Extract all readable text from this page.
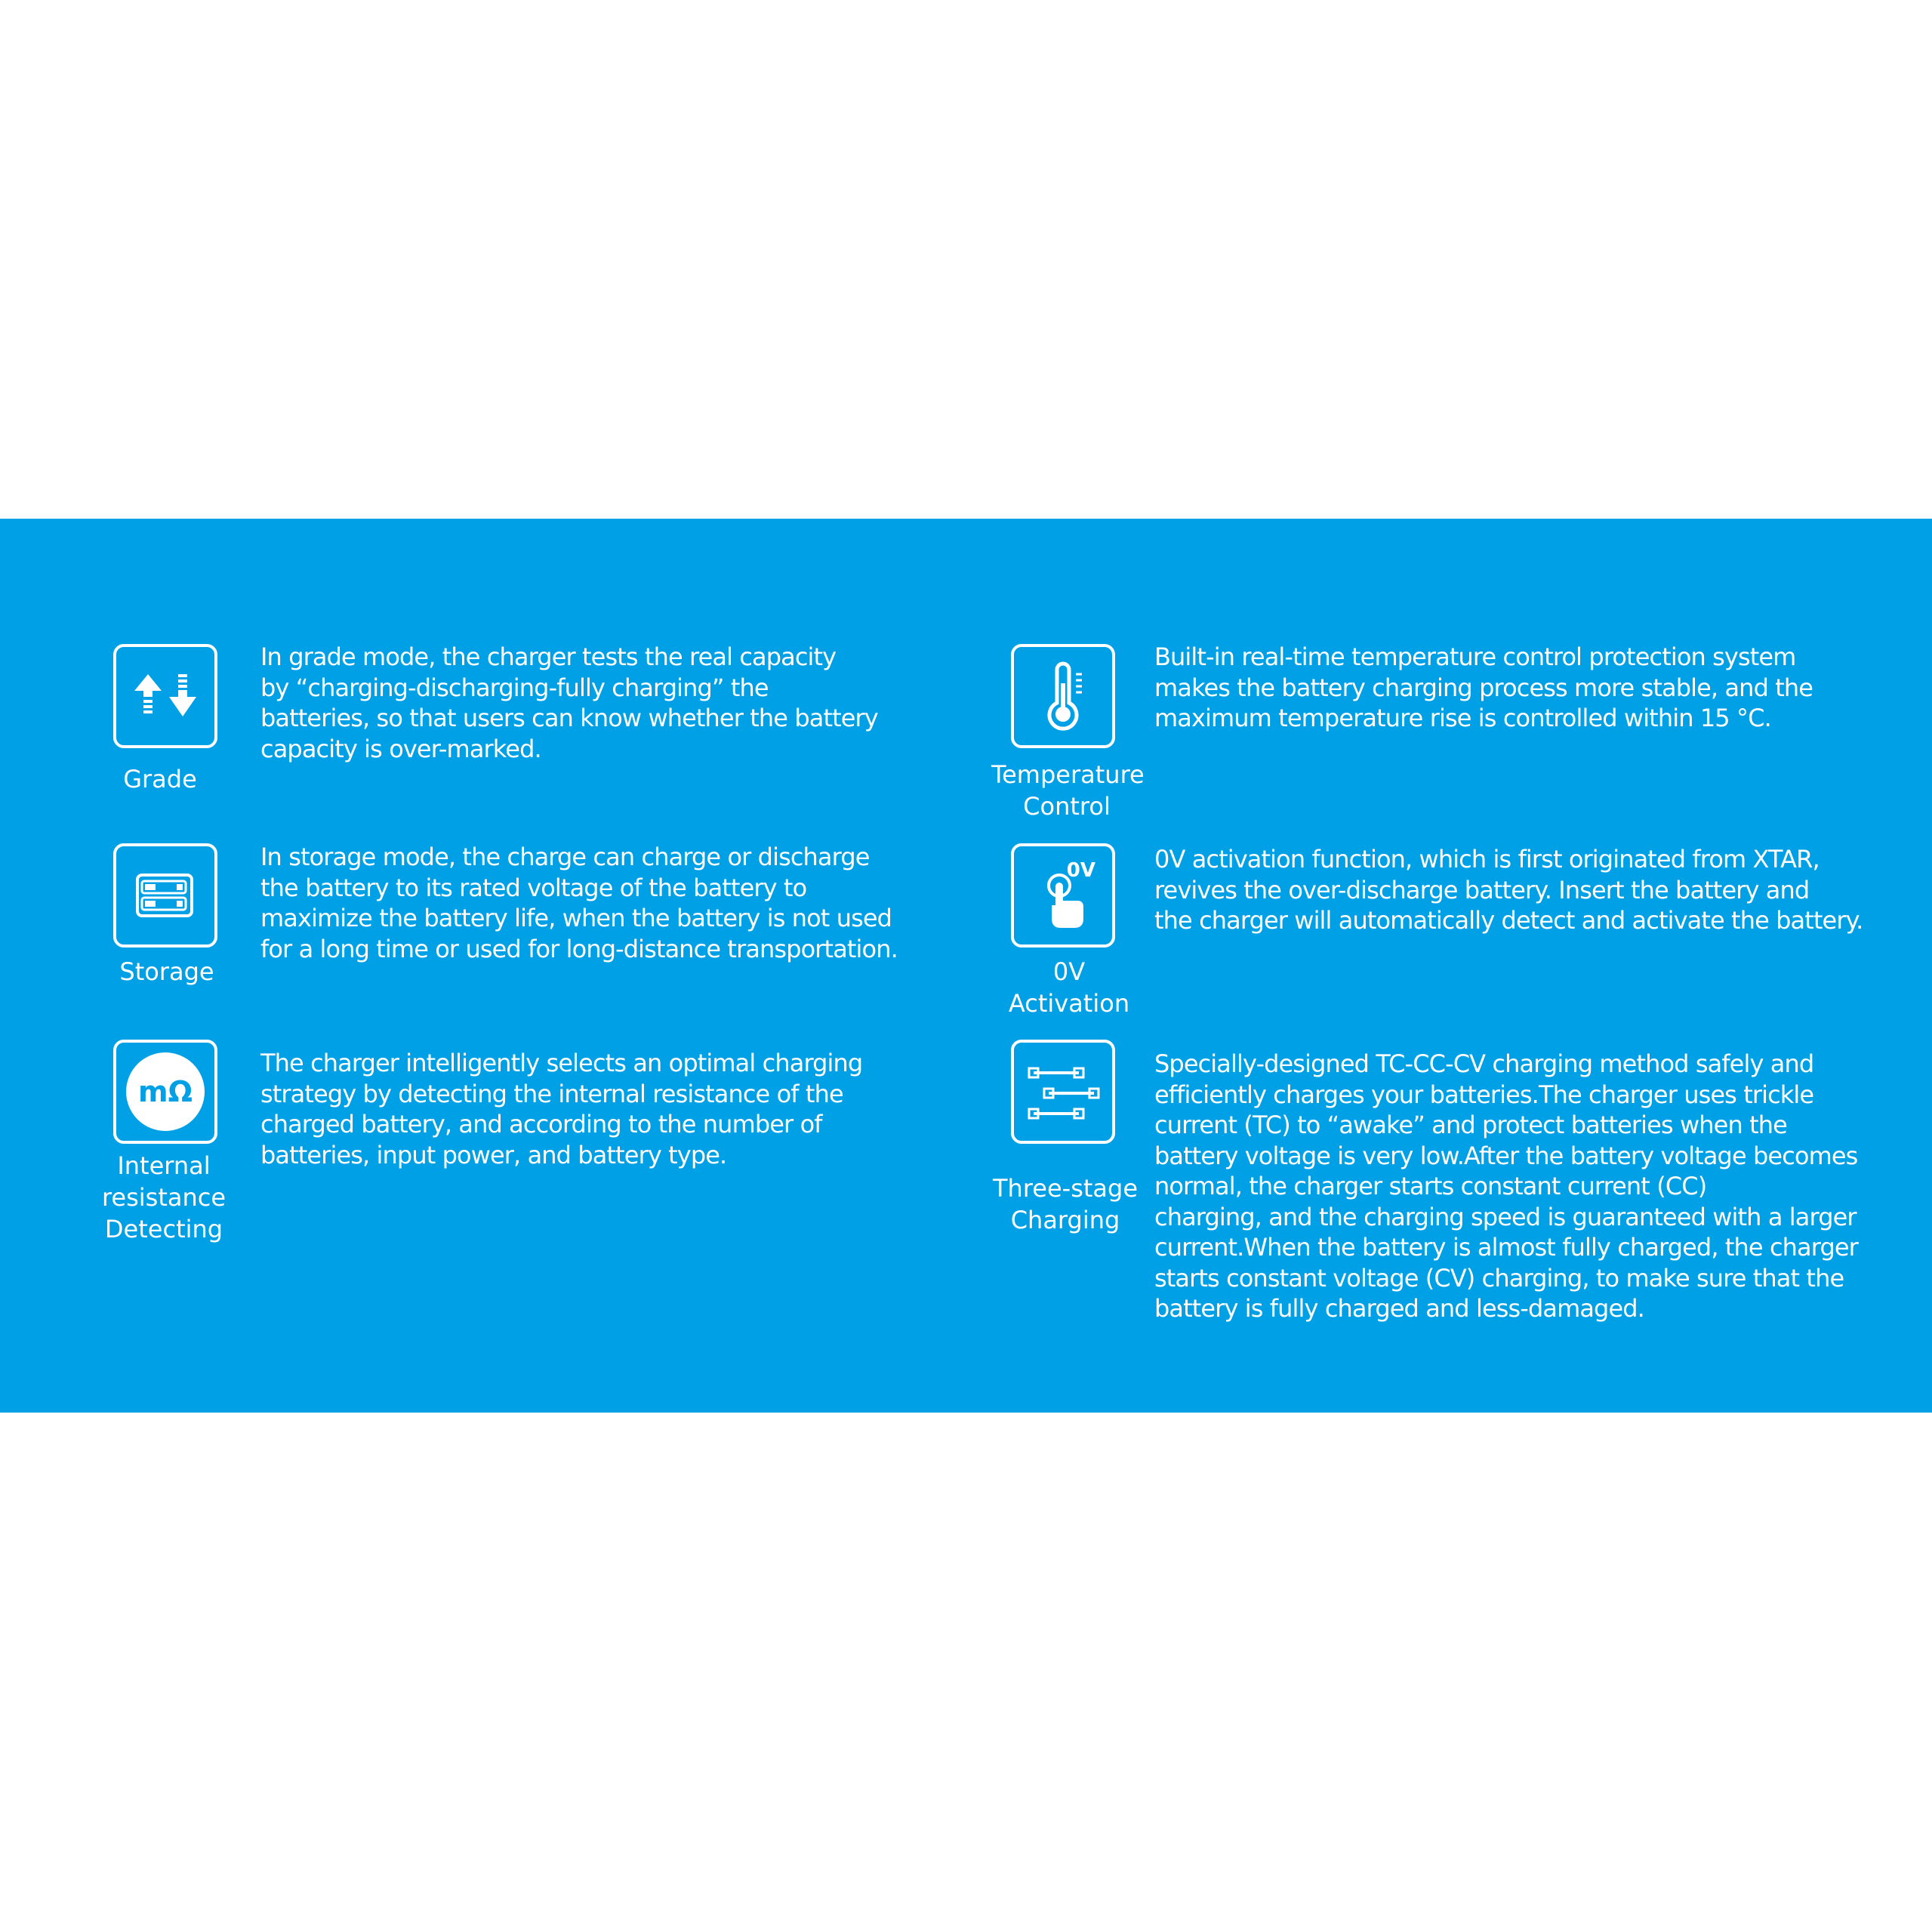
Grade
In grade mode, the charger tests the real capacity
by “charging-discharging-fully charging” the
batteries, so that users can know whether the battery
capacity is over-marked.
Storage
In storage mode, the charge can charge or discharge
the battery to its rated voltage of the battery to
maximize the battery life, when the battery is not used
for a long time or used for long-distance transportation.
mΩ
Internal
resistance
Detecting
The charger intelligently selects an optimal charging
strategy by detecting the internal resistance of the
charged battery, and according to the number of
batteries, input power, and battery type.
Temperature
Control
Built-in real-time temperature control protection system
makes the battery charging process more stable, and the
maximum temperature rise is controlled within 15 °C.
0V
0V Activation
0V activation function, which is first originated from XTAR,
revives the over-discharge battery. Insert the battery and
the charger will automatically detect and activate the battery.
Three-stage
Charging
Specially-designed TC-CC-CV charging method safely and
efficiently charges your batteries.The charger uses trickle
current (TC) to “awake” and protect batteries when the
battery voltage is very low.After the battery voltage becomes
normal, the charger starts constant current (CC)
charging, and the charging speed is guaranteed with a larger
current.When the battery is almost fully charged, the charger
starts constant voltage (CV) charging, to make sure that the
battery is fully charged and less-damaged.
